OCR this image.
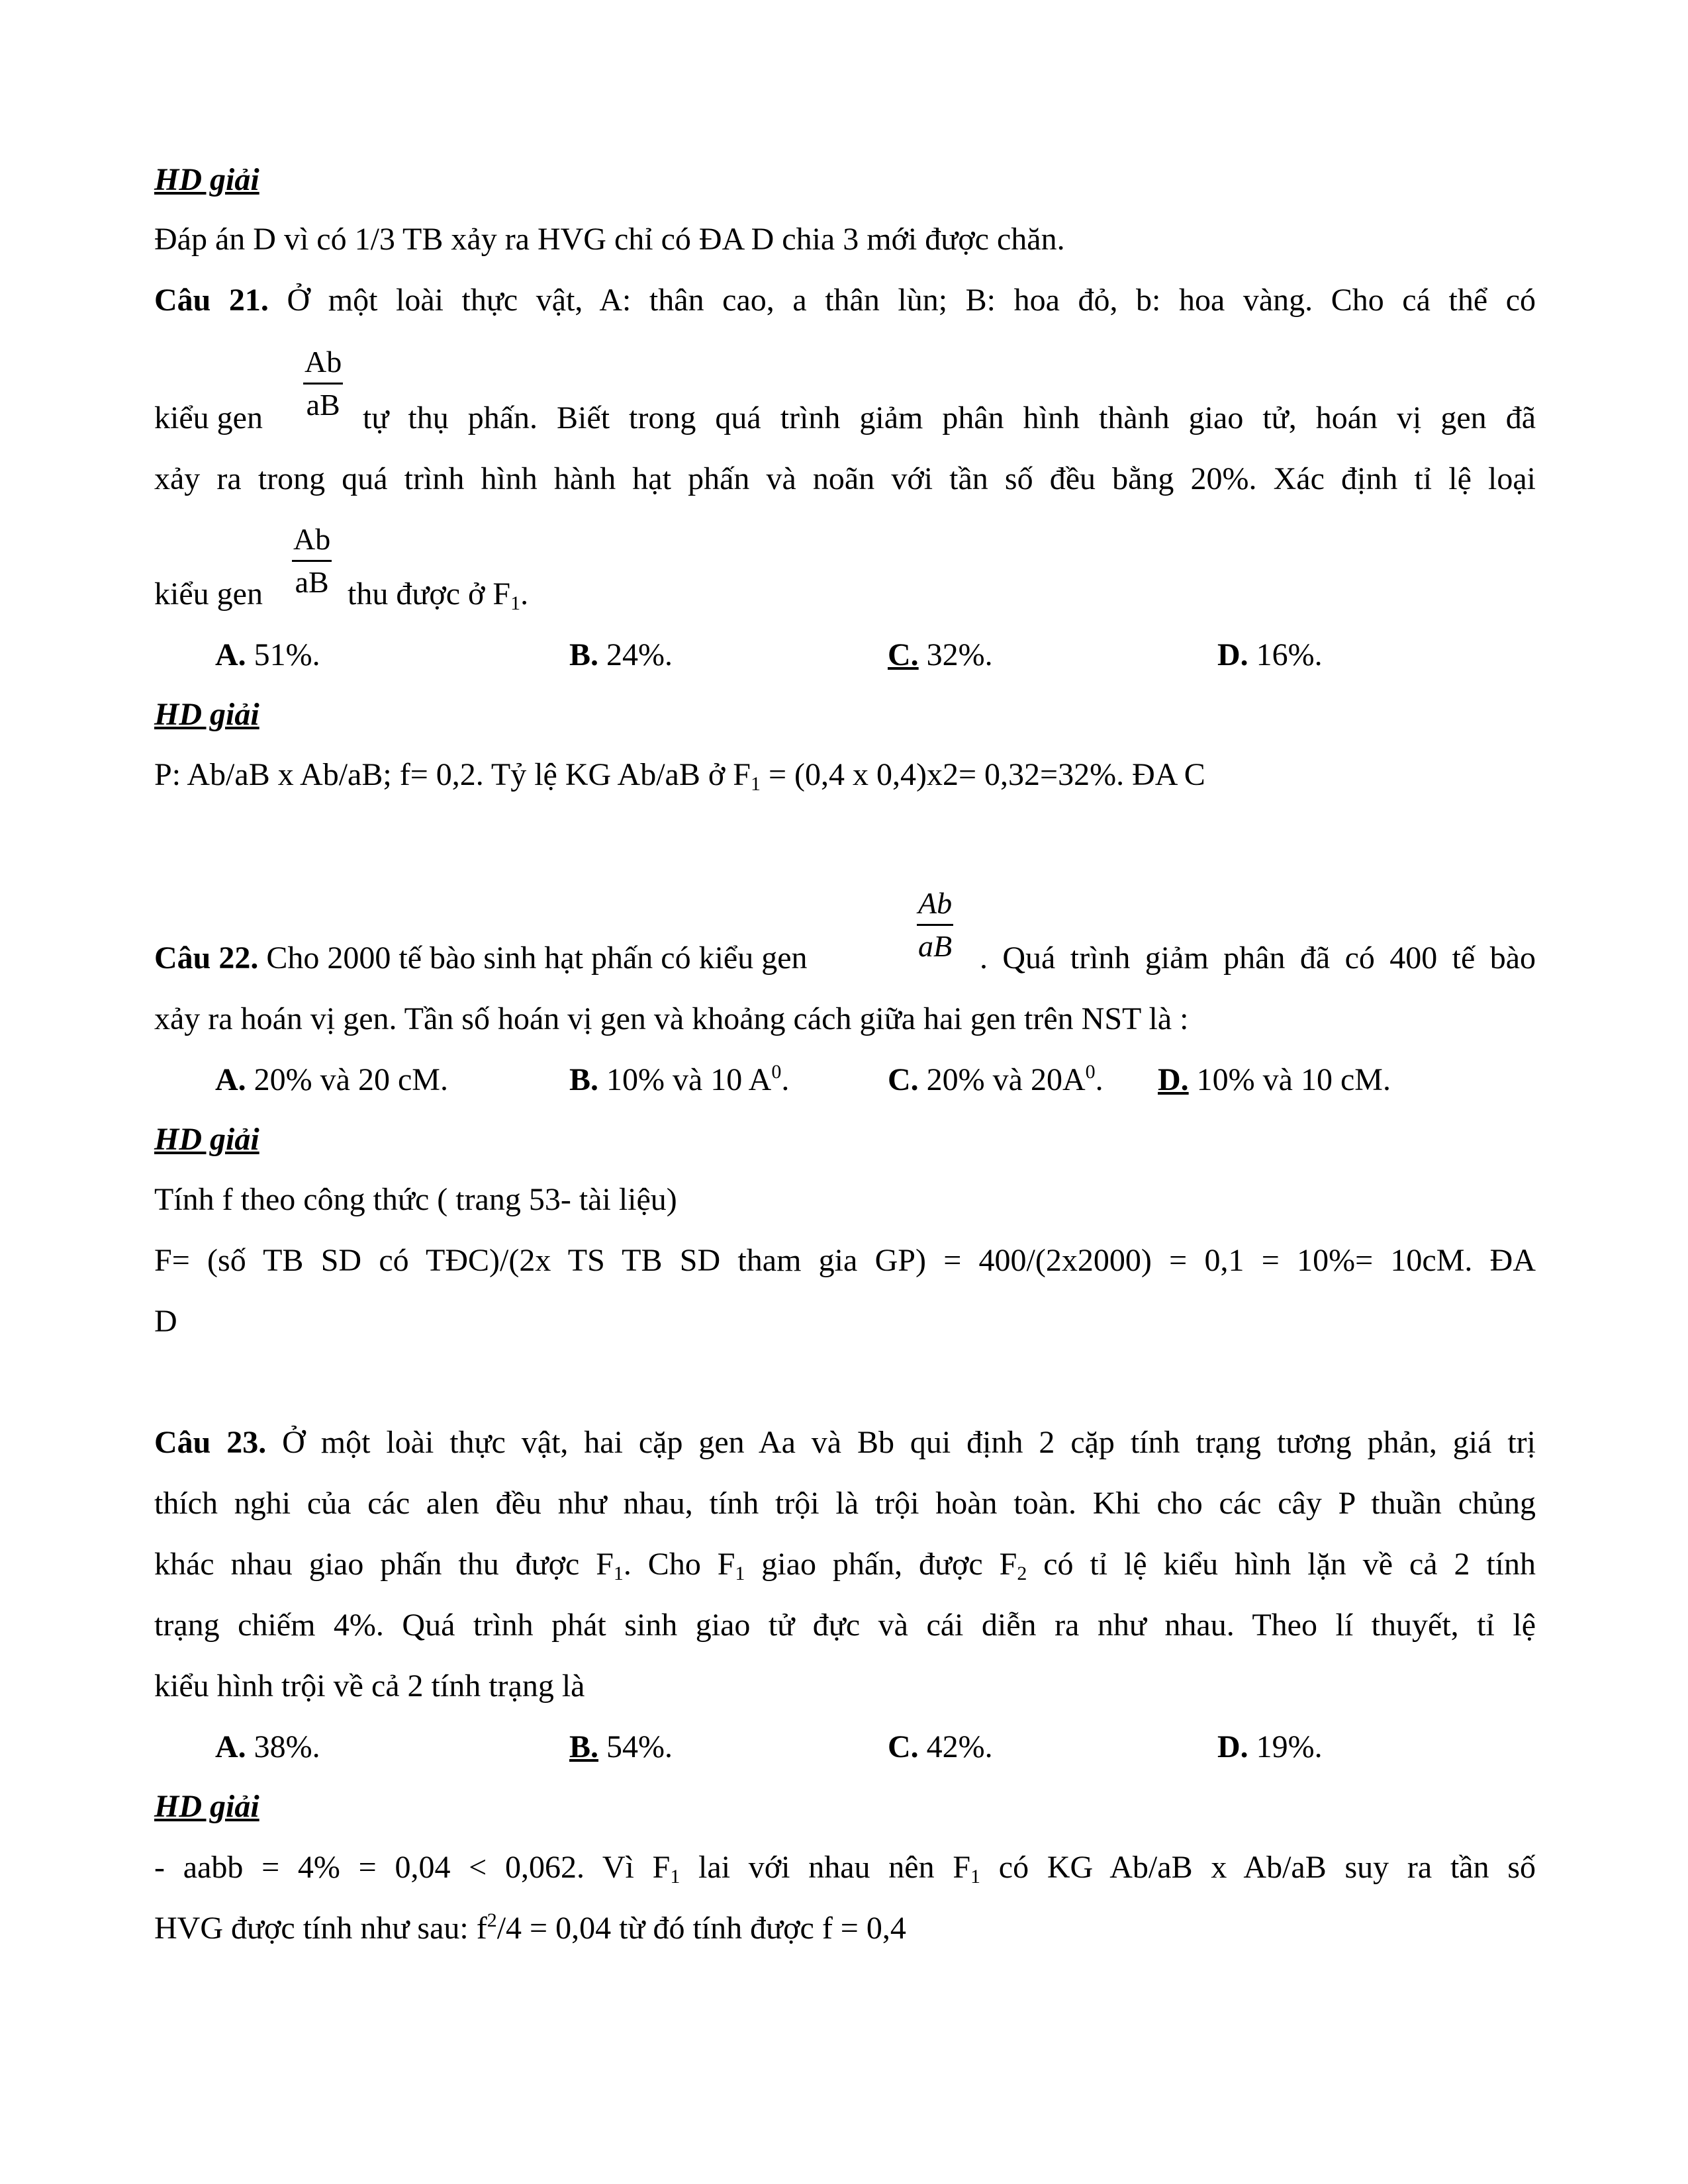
HD giải
Đáp án D vì có 1/3 TB xảy ra HVG chỉ có ĐA D chia 3 mới được chăn.
Câu 21. Ở một loài thực vật, A: thân cao, a thân lùn; B: hoa đỏ, b: hoa vàng. Cho cá thể có
$\frac{Ab}{aB}$
kiểu gen	tự thụ phấn. Biết trong quá trình giảm phân hình thành giao tử, hoán vị gen đã
xảy ra trong quá trình hình hành hạt phấn và noãn với tần số đều bằng 20%. Xác định tỉ lệ loại
$\frac{Ab}{aB}$
kiểu gen	thu được ở $F_1$.
A. 51%.	B. 24%.	C. 32%.	D. 16%.
HD giải
P: Ab/aB x Ab/aB; f= 0,2. Tỷ lệ KG Ab/aB ở $F_1 = (0,4$ x 0,4)x2= 0,32=32%. ĐA C
$\frac{Ab}{aB}$
Câu 22. Cho 2000 tế bào sinh hạt phấn có kiểu gen	. Quá trình giảm phân đã có 400 tế bào
xảy ra hoán vị gen. Tần số hoán vị gen và khoảng cách giữa hai gen trên NST là :
A. 20% và 20 cM.	B. 10% và 10 $A^0$.	C. 20% và $20A^0$. D. 10% và 10 cM.
HD giải
Tính f theo công thức ( trang 53- tài liệu)
F= (số TB SD có TĐC)/(2x TS TB SD tham gia GP) = 400/(2x2000) = 0,1 = 10%= 10cM. ĐA
D
Câu 23. Ở một loài thực vật, hai cặp gen Aa và Bb qui định 2 cặp tính trạng tương phản, giá trị
thích nghi của các alen đều như nhau, tính trội là trội hoàn toàn. Khi cho các cây P thuần chủng
khác nhau giao phấn thu được $F_1$. Cho $F_1$ giao phấn, được $F_2$ có tỉ lệ kiểu hình lặn về cả 2 tính
trạng chiếm 4%. Quá trình phát sinh giao tử đực và cái diễn ra như nhau. Theo lí thuyết, tỉ lệ
kiểu hình trội về cả 2 tính trạng là
A. 38%.	B. 54%.	C. 42%.	D. 19%.
HD giải
- aabb = 4% = 0,04 < 0,062. Vì $F_1$ lai với nhau nên $F_1$ có KG Ab/aB x Ab/aB suy ra tần số
HVG được tính như sau: $f^2/4 = 0,04$ từ đó tính được f = 0,4
